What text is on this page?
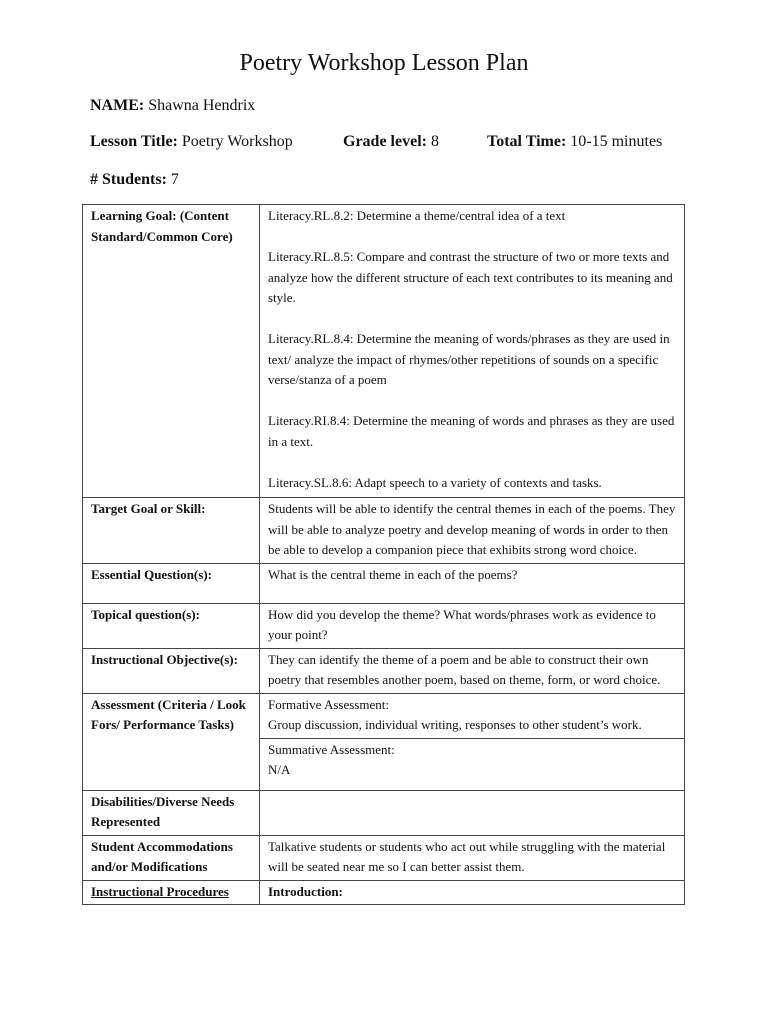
Poetry Workshop Lesson Plan
NAME: Shawna Hendrix
Lesson Title: Poetry Workshop	Grade level: 8	Total Time: 10-15 minutes
# Students: 7
Learning Goal: (Content Standard/Common Core)	Literacy.RL.8.2: Determine a theme/central idea of a text
Literacy.RL.8.5: Compare and contrast the structure of two or more texts and analyze how the different structure of each text contributes to its meaning and style.
Literacy.RL.8.4: Determine the meaning of words/phrases as they are used in text/ analyze the impact of rhymes/other repetitions of sounds on a specific verse/stanza of a poem
Literacy.RI.8.4: Determine the meaning of words and phrases as they are used in a text.
Literacy.SL.8.6: Adapt speech to a variety of contexts and tasks.

Target Goal or Skill:	Students will be able to identify the central themes in each of the poems. They will be able to analyze poetry and develop meaning of words in order to then be able to develop a companion piece that exhibits strong word choice.
Essential Question(s):	What is the central theme in each of the poems?
Topical question(s):	How did you develop the theme? What words/phrases work as evidence to your point?
Instructional Objective(s):	They can identify the theme of a poem and be able to construct their own poetry that resembles another poem, based on theme, form, or word choice.
Assessment (Criteria / Look Fors/ Performance Tasks)	Formative Assessment:
Group discussion, individual writing, responses to other student’s work.

	Summative Assessment:
N/A

Disabilities/Diverse Needs Represented	
Student Accommodations and/or Modifications	Talkative students or students who act out while struggling with the material will be seated near me so I can better assist them.
Instructional Procedures	Introduction:
